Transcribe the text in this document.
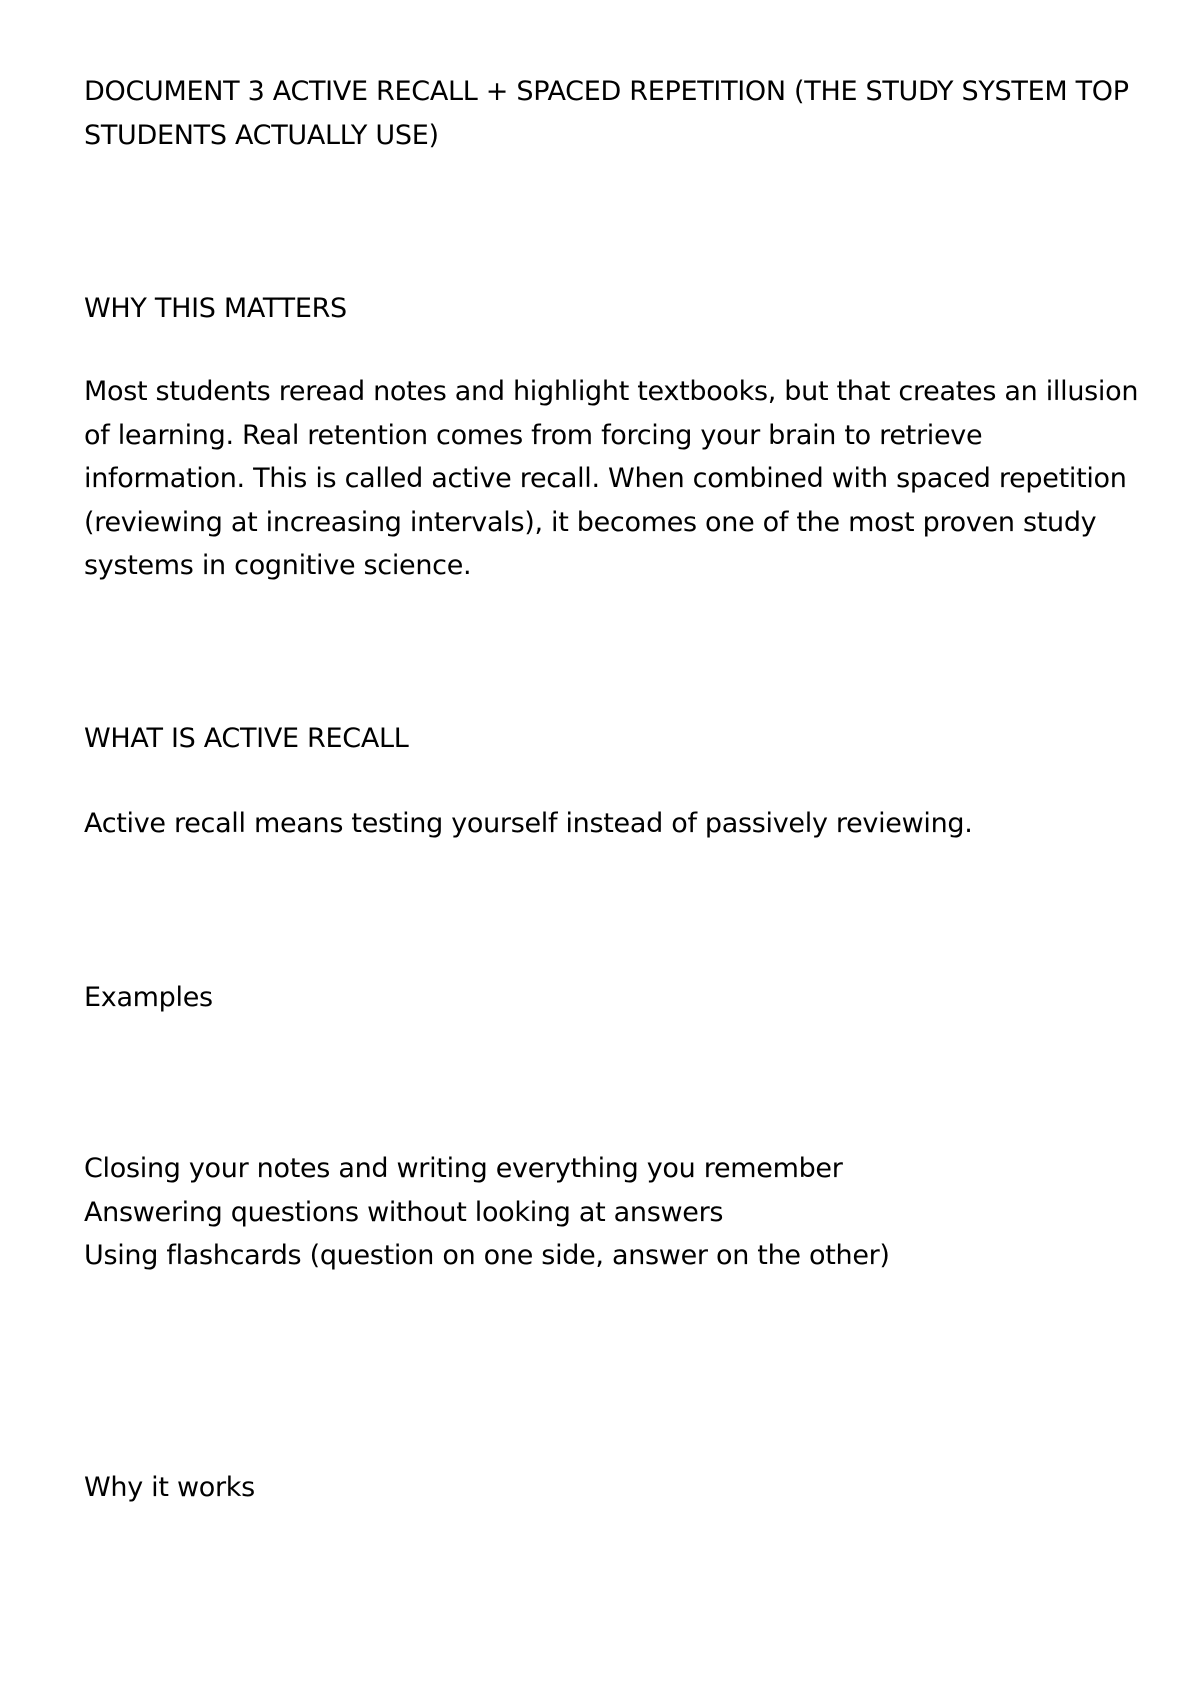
DOCUMENT 3 ACTIVE RECALL + SPACED REPETITION (THE STUDY SYSTEM TOP STUDENTS ACTUALLY USE)
WHY THIS MATTERS
Most students reread notes and highlight textbooks, but that creates an illusion of learning. Real retention comes from forcing your brain to retrieve information. This is called active recall. When combined with spaced repetition (reviewing at increasing intervals), it becomes one of the most proven study systems in cognitive science.
WHAT IS ACTIVE RECALL
Active recall means testing yourself instead of passively reviewing.
Examples
Closing your notes and writing everything you remember
Answering questions without looking at answers
Using flashcards (question on one side, answer on the other)
Why it works
